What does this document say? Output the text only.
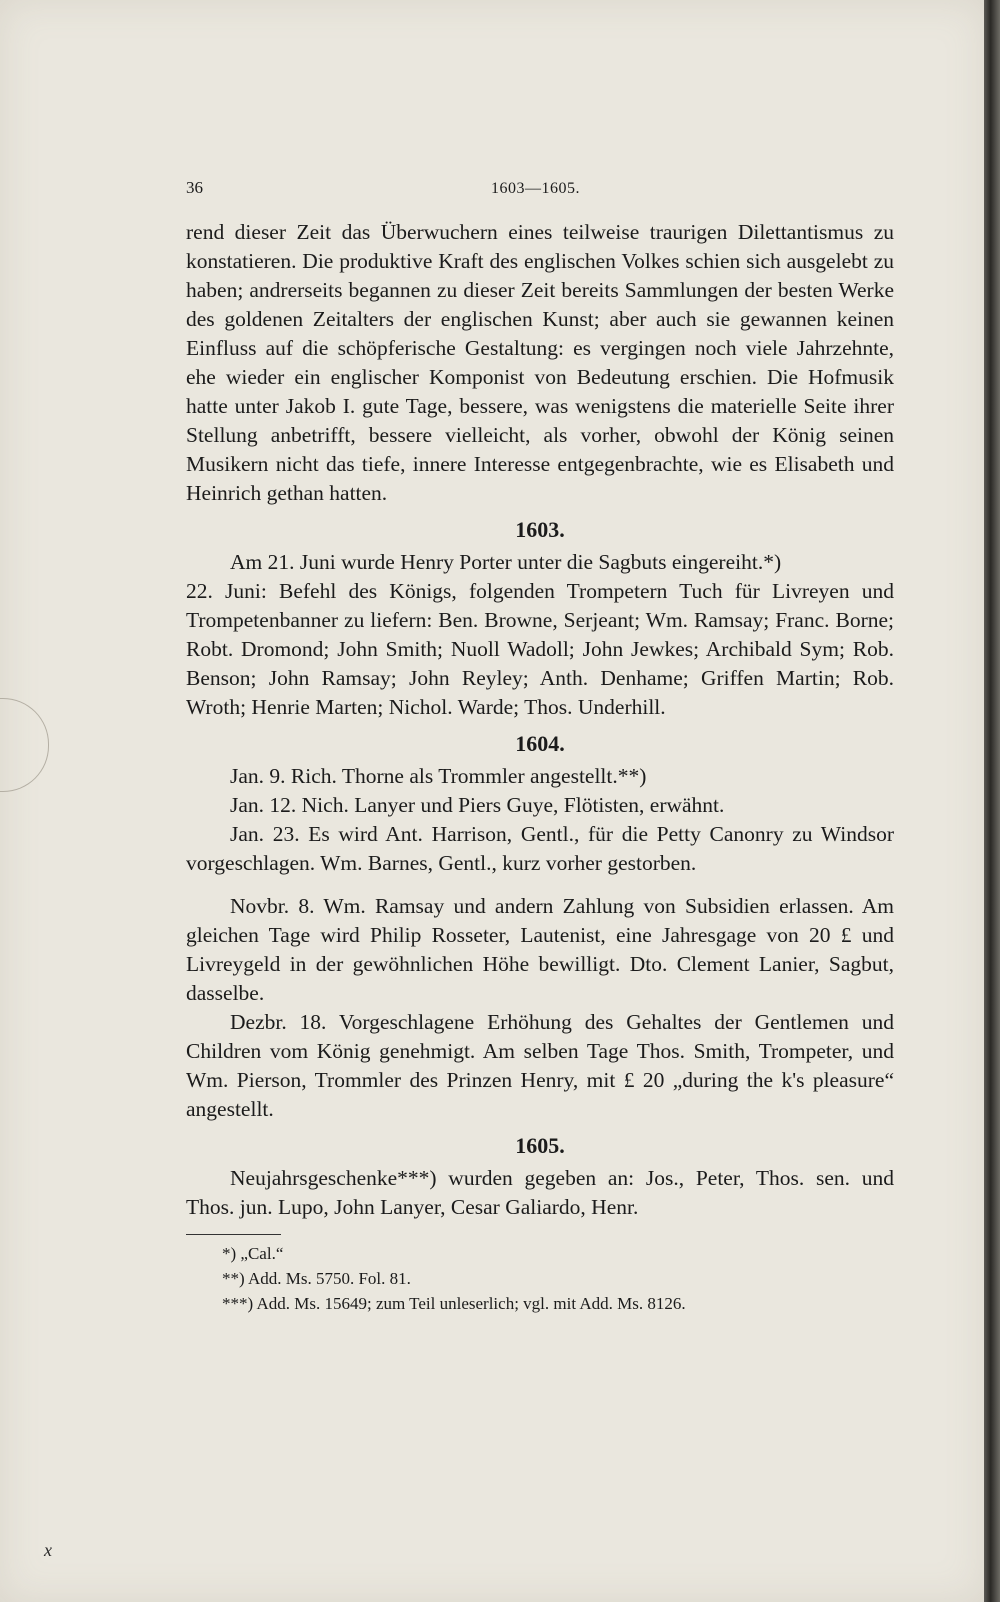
36	1603—1605.

rend dieser Zeit das Überwuchern eines teilweise traurigen Dilettantismus zu konstatieren. Die produktive Kraft des englischen Volkes schien sich ausgelebt zu haben; andrerseits begannen zu dieser Zeit bereits Sammlungen der besten Werke des goldenen Zeitalters der englischen Kunst; aber auch sie gewannen keinen Einfluss auf die schöpferische Gestaltung: es vergingen noch viele Jahrzehnte, ehe wieder ein englischer Komponist von Bedeutung erschien. Die Hofmusik hatte unter Jakob I. gute Tage, bessere, was wenigstens die materielle Seite ihrer Stellung anbetrifft, bessere vielleicht, als vorher, obwohl der König seinen Musikern nicht das tiefe, innere Interesse entgegenbrachte, wie es Elisabeth und Heinrich gethan hatten.

1603.

Am 21. Juni wurde Henry Porter unter die Sagbuts eingereiht.*)

22. Juni: Befehl des Königs, folgenden Trompetern Tuch für Livreyen und Trompetenbanner zu liefern: Ben. Browne, Serjeant; Wm. Ramsay; Franc. Borne; Robt. Dromond; John Smith; Nuoll Wadoll; John Jewkes; Archibald Sym; Rob. Benson; John Ramsay; John Reyley; Anth. Denhame; Griffen Martin; Rob. Wroth; Henrie Marten; Nichol. Warde; Thos. Underhill.

1604.

Jan. 9. Rich. Thorne als Trommler angestellt.**)

Jan. 12. Nich. Lanyer und Piers Guye, Flötisten, erwähnt.

Jan. 23. Es wird Ant. Harrison, Gentl., für die Petty Canonry zu Windsor vorgeschlagen. Wm. Barnes, Gentl., kurz vorher gestorben.

Novbr. 8. Wm. Ramsay und andern Zahlung von Subsidien erlassen. Am gleichen Tage wird Philip Rosseter, Lautenist, eine Jahresgage von 20 £ und Livreygeld in der gewöhnlichen Höhe bewilligt. Dto. Clement Lanier, Sagbut, dasselbe.

Dezbr. 18. Vorgeschlagene Erhöhung des Gehaltes der Gentlemen und Children vom König genehmigt. Am selben Tage Thos. Smith, Trompeter, und Wm. Pierson, Trommler des Prinzen Henry, mit £ 20 „during the k's pleasure“ angestellt.

1605.

Neujahrsgeschenke***) wurden gegeben an: Jos., Peter, Thos. sen. und Thos. jun. Lupo, John Lanyer, Cesar Galiardo, Henr.

*) „Cal.“
**) Add. Ms. 5750. Fol. 81.
***) Add. Ms. 15649; zum Teil unleserlich; vgl. mit Add. Ms. 8126.
x
